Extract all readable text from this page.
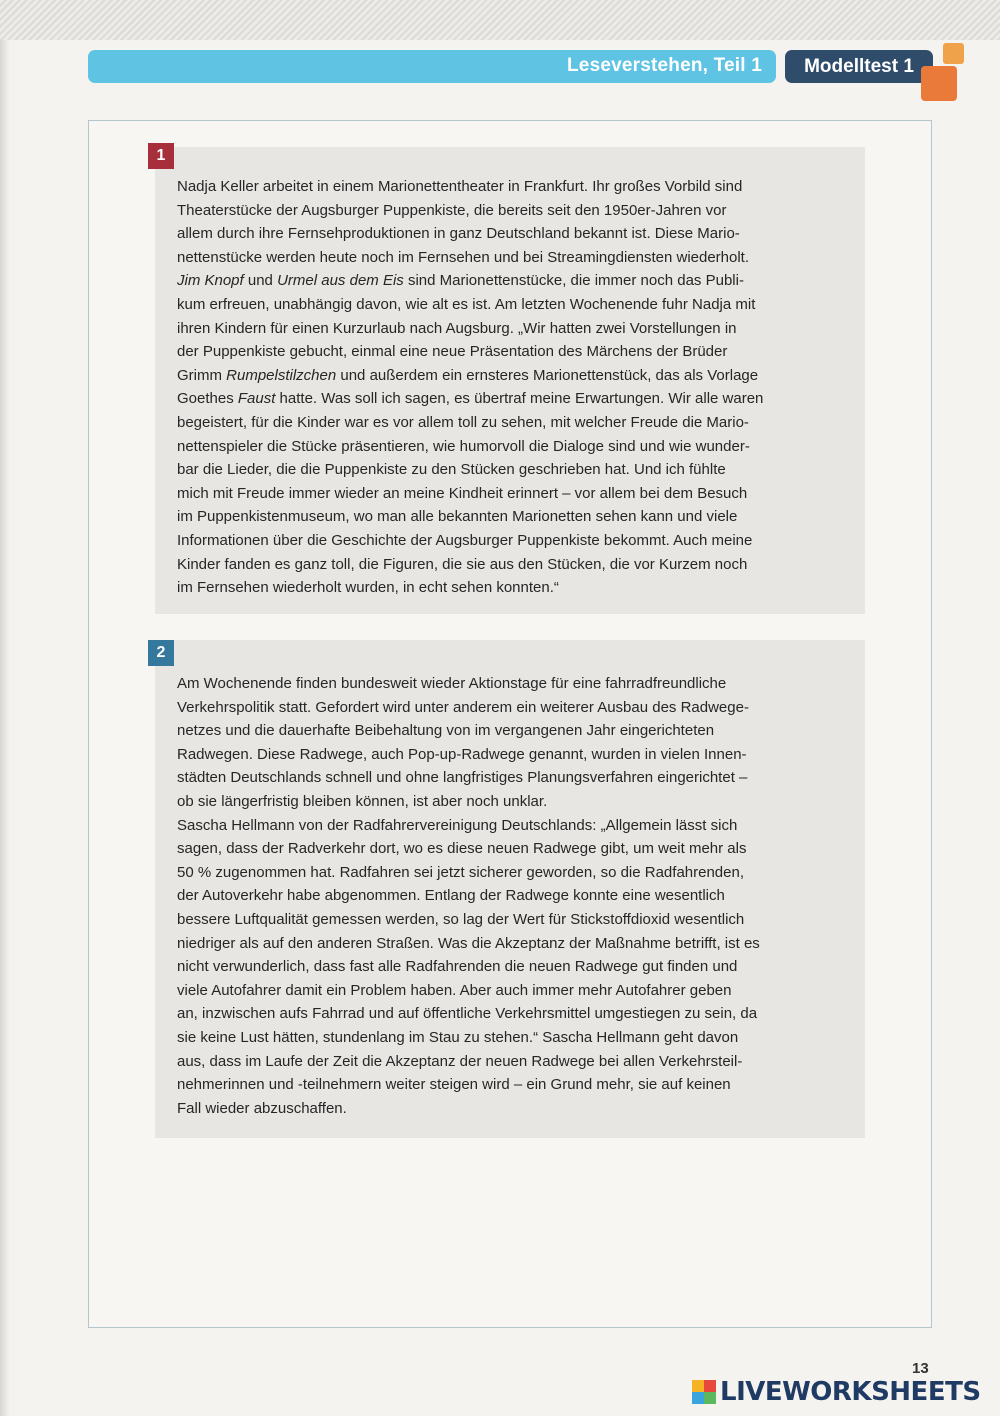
Leseverstehen, Teil 1	Modelltest 1
1
Nadja Keller arbeitet in einem Marionettentheater in Frankfurt. Ihr großes Vorbild sind
Theaterstücke der Augsburger Puppenkiste, die bereits seit den 1950er-Jahren vor
allem durch ihre Fernsehproduktionen in ganz Deutschland bekannt ist. Diese Mario-
nettenstücke werden heute noch im Fernsehen und bei Streamingdiensten wiederholt.
Jim Knopf und Urmel aus dem Eis sind Marionettenstücke, die immer noch das Publi-
kum erfreuen, unabhängig davon, wie alt es ist. Am letzten Wochenende fuhr Nadja mit
ihren Kindern für einen Kurzurlaub nach Augsburg. „Wir hatten zwei Vorstellungen in
der Puppenkiste gebucht, einmal eine neue Präsentation des Märchens der Brüder
Grimm Rumpelstilzchen und außerdem ein ernsteres Marionettenstück, das als Vorlage
Goethes Faust hatte. Was soll ich sagen, es übertraf meine Erwartungen. Wir alle waren
begeistert, für die Kinder war es vor allem toll zu sehen, mit welcher Freude die Mario-
nettenspieler die Stücke präsentieren, wie humorvoll die Dialoge sind und wie wunder-
bar die Lieder, die die Puppenkiste zu den Stücken geschrieben hat. Und ich fühlte
mich mit Freude immer wieder an meine Kindheit erinnert – vor allem bei dem Besuch
im Puppenkistenmuseum, wo man alle bekannten Marionetten sehen kann und viele
Informationen über die Geschichte der Augsburger Puppenkiste bekommt. Auch meine
Kinder fanden es ganz toll, die Figuren, die sie aus den Stücken, die vor Kurzem noch
im Fernsehen wiederholt wurden, in echt sehen konnten.“
2
Am Wochenende finden bundesweit wieder Aktionstage für eine fahrradfreundliche
Verkehrspolitik statt. Gefordert wird unter anderem ein weiterer Ausbau des Radwege-
netzes und die dauerhafte Beibehaltung von im vergangenen Jahr eingerichteten
Radwegen. Diese Radwege, auch Pop-up-Radwege genannt, wurden in vielen Innen-
städten Deutschlands schnell und ohne langfristiges Planungsverfahren eingerichtet –
ob sie längerfristig bleiben können, ist aber noch unklar.
Sascha Hellmann von der Radfahrervereinigung Deutschlands: „Allgemein lässt sich
sagen, dass der Radverkehr dort, wo es diese neuen Radwege gibt, um weit mehr als
50 % zugenommen hat. Radfahren sei jetzt sicherer geworden, so die Radfahrenden,
der Autoverkehr habe abgenommen. Entlang der Radwege konnte eine wesentlich
bessere Luftqualität gemessen werden, so lag der Wert für Stickstoffdioxid wesentlich
niedriger als auf den anderen Straßen. Was die Akzeptanz der Maßnahme betrifft, ist es
nicht verwunderlich, dass fast alle Radfahrenden die neuen Radwege gut finden und
viele Autofahrer damit ein Problem haben. Aber auch immer mehr Autofahrer geben
an, inzwischen aufs Fahrrad und auf öffentliche Verkehrsmittel umgestiegen zu sein, da
sie keine Lust hätten, stundenlang im Stau zu stehen.“ Sascha Hellmann geht davon
aus, dass im Laufe der Zeit die Akzeptanz der neuen Radwege bei allen Verkehrsteil-
nehmerinnen und -teilnehmern weiter steigen wird – ein Grund mehr, sie auf keinen
Fall wieder abzuschaffen.
13
LIVEWORKSHEETS
